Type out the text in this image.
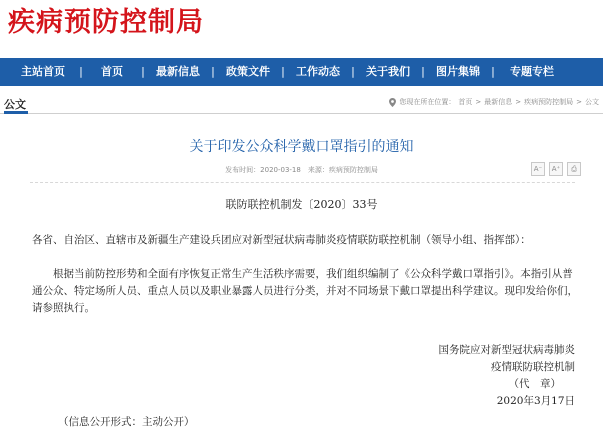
疾病预防控制局
主站首页	|	首页	|	最新信息	|	政策文件	|	工作动态	|	关于我们	|	图片集锦	|	专题专栏
公文	您现在所在位置： 首页 > 最新信息 > 疾病预防控制局 > 公文
关于印发公众科学戴口罩指引的通知
发布时间：2020-03-18　来源：疾病预防控制局	A⁻	A⁺	⎙
联防联控机制发〔2020〕33号
各省、自治区、直辖市及新疆生产建设兵团应对新型冠状病毒肺炎疫情联防联控机制（领导小组、指挥部）：
根据当前防控形势和全面有序恢复正常生产生活秩序需要，我们组织编制了《公众科学戴口罩指引》。本指引从普通公众、特定场所人员、重点人员以及职业暴露人员进行分类，并对不同场景下戴口罩提出科学建议。现印发给你们，请参照执行。
国务院应对新型冠状病毒肺炎
疫情联防联控机制
（代　章）
2020年3月17日
（信息公开形式：主动公开）
